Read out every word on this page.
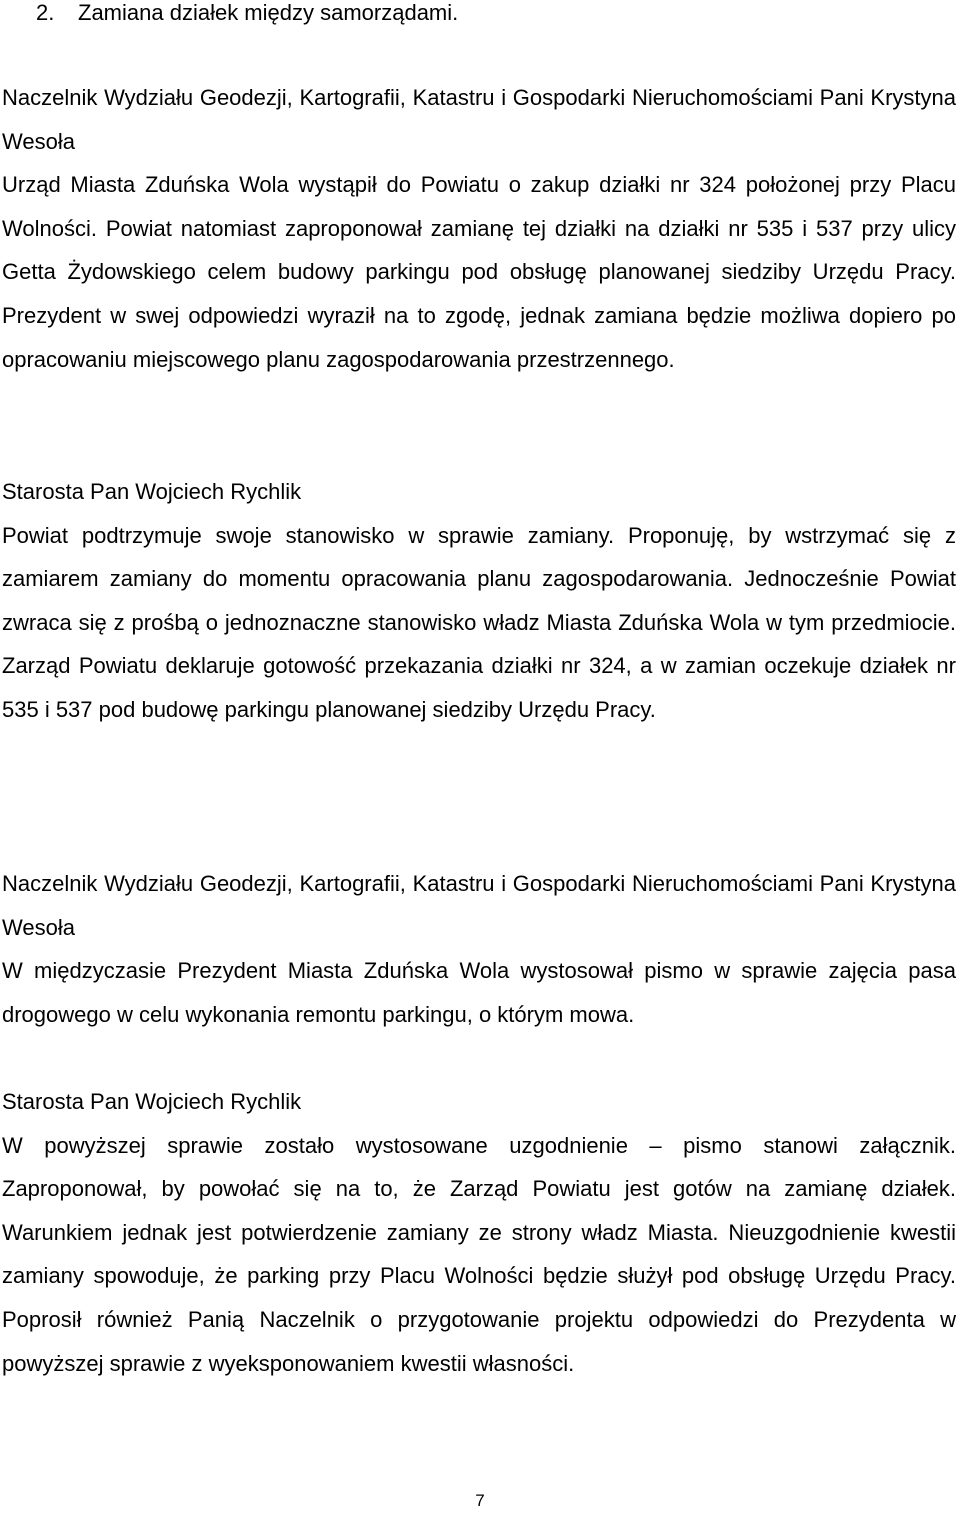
2. Zamiana działek między samorządami.
Naczelnik Wydziału Geodezji, Kartografii, Katastru i Gospodarki Nieruchomościami Pani Krystyna Wesoła
Urząd Miasta Zduńska Wola wystąpił do Powiatu o zakup działki nr 324 położonej przy Placu Wolności. Powiat natomiast zaproponował zamianę tej działki na działki nr 535 i 537 przy ulicy Getta Żydowskiego celem budowy parkingu pod obsługę planowanej siedziby Urzędu Pracy. Prezydent w swej odpowiedzi wyraził na to zgodę, jednak zamiana będzie możliwa dopiero po opracowaniu miejscowego planu zagospodarowania przestrzennego.
Starosta Pan Wojciech Rychlik
Powiat podtrzymuje swoje stanowisko w sprawie zamiany. Proponuję, by wstrzymać się z zamiarem zamiany do momentu opracowania planu zagospodarowania. Jednocześnie Powiat zwraca się z prośbą o jednoznaczne stanowisko władz Miasta Zduńska Wola w tym przedmiocie. Zarząd Powiatu deklaruje gotowość przekazania działki nr 324, a w zamian oczekuje działek nr 535 i 537 pod budowę parkingu planowanej siedziby Urzędu Pracy.
Naczelnik Wydziału Geodezji, Kartografii, Katastru i Gospodarki Nieruchomościami Pani Krystyna Wesoła
W międzyczasie Prezydent Miasta Zduńska Wola wystosował pismo w sprawie zajęcia pasa drogowego w celu wykonania remontu parkingu, o którym mowa.
Starosta Pan Wojciech Rychlik
W powyższej sprawie zostało wystosowane uzgodnienie – pismo stanowi załącznik. Zaproponował, by powołać się na to, że Zarząd Powiatu jest gotów na zamianę działek. Warunkiem jednak jest potwierdzenie zamiany ze strony władz Miasta. Nieuzgodnienie kwestii zamiany spowoduje, że parking przy Placu Wolności będzie służył pod obsługę Urzędu Pracy. Poprosił również Panią Naczelnik o przygotowanie projektu odpowiedzi do Prezydenta w powyższej sprawie z wyeksponowaniem kwestii własności.
7
